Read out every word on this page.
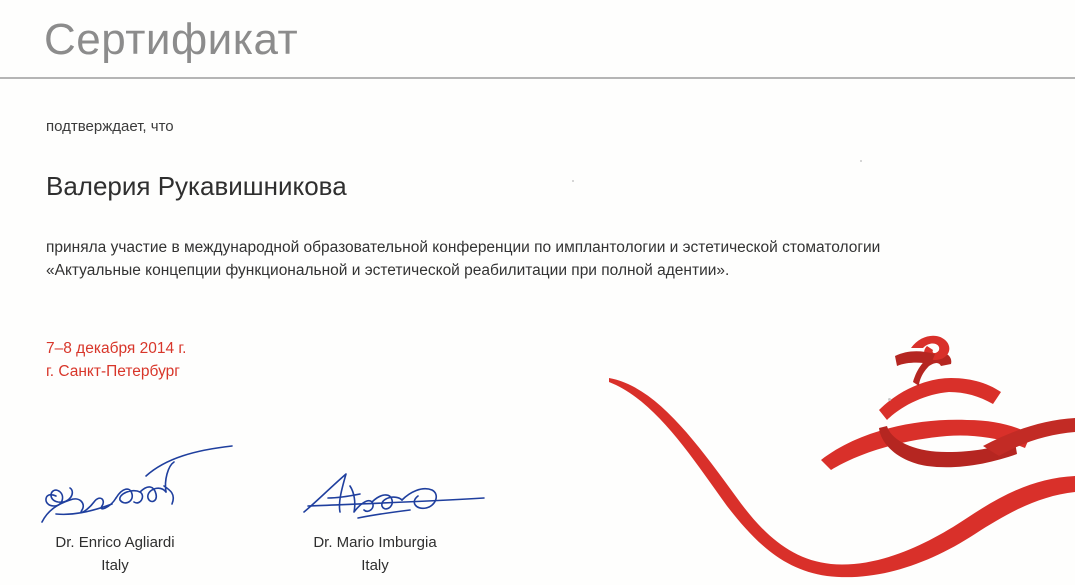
Сертификат
подтверждает, что
Валерия Рукавишникова
приняла участие в международной образовательной конференции по имплантологии и эстетической стоматологии
«Актуальные концепции функциональной и эстетической реабилитации при полной адентии».
7–8 декабря 2014 г.
г. Санкт-Петербург
Dr. Enrico Agliardi
Italy
Dr. Mario Imburgia
Italy
